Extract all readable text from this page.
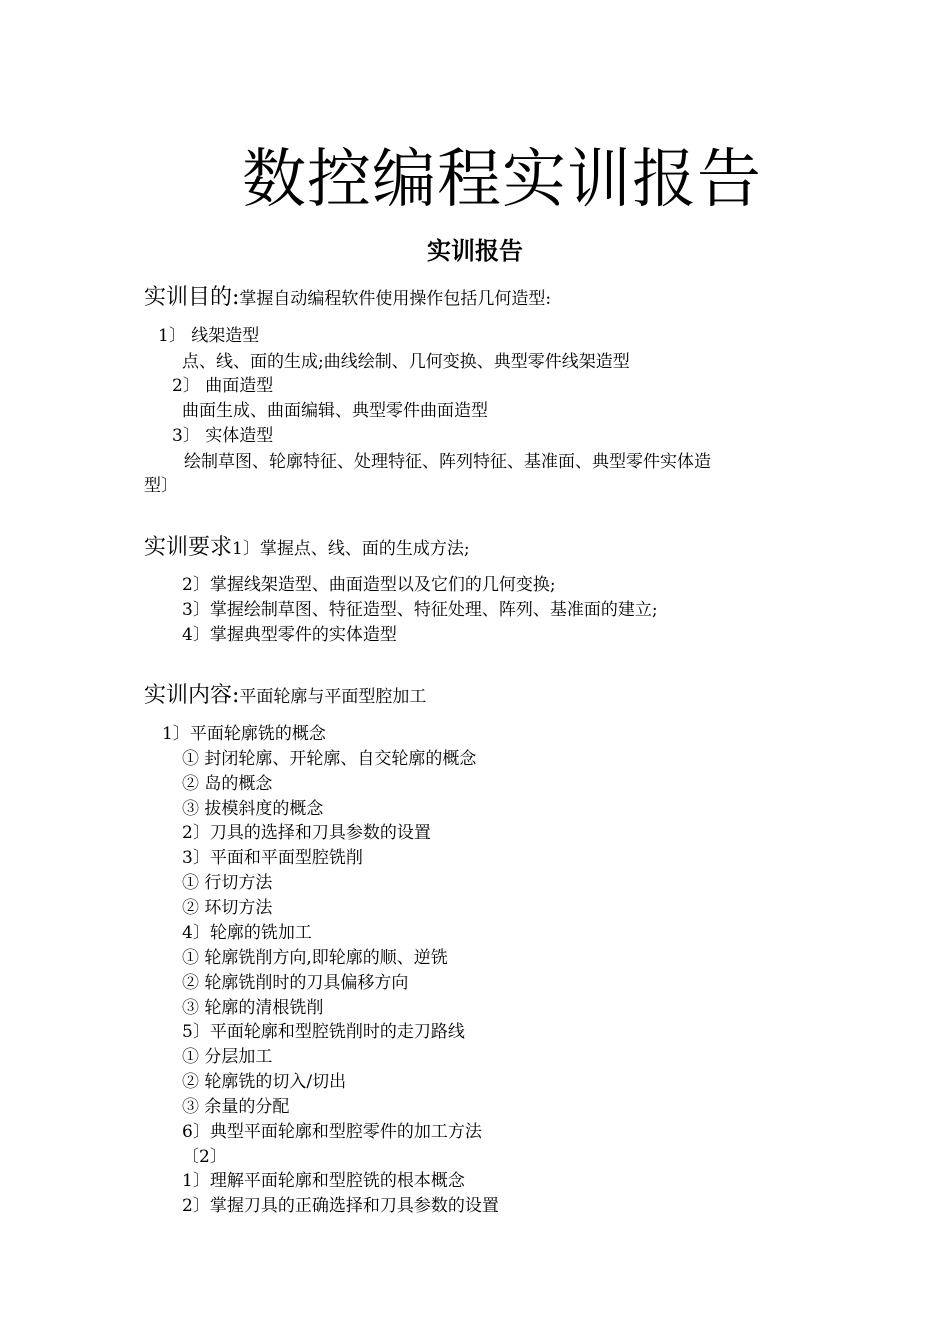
数控编程实训报告
实训报告
实训目的:掌握自动编程软件使用操作包括几何造型:
1〕 线架造型
点、线、面的生成;曲线绘制、几何变换、典型零件线架造型
2〕 曲面造型
曲面生成、曲面编辑、典型零件曲面造型
3〕 实体造型
绘制草图、轮廓特征、处理特征、阵列特征、基准面、典型零件实体造
型〕
实训要求1〕掌握点、线、面的生成方法;
2〕掌握线架造型、曲面造型以及它们的几何变换;
3〕掌握绘制草图、特征造型、特征处理、阵列、基准面的建立;
4〕掌握典型零件的实体造型
实训内容:平面轮廓与平面型腔加工
1〕平面轮廓铣的概念
① 封闭轮廓、开轮廓、自交轮廓的概念
② 岛的概念
③ 拔模斜度的概念
2〕刀具的选择和刀具参数的设置
3〕平面和平面型腔铣削
① 行切方法
② 环切方法
4〕轮廓的铣加工
① 轮廓铣削方向,即轮廓的顺、逆铣
② 轮廓铣削时的刀具偏移方向
③ 轮廓的清根铣削
5〕平面轮廓和型腔铣削时的走刀路线
① 分层加工
② 轮廓铣的切入/切出
③ 余量的分配
6〕典型平面轮廓和型腔零件的加工方法
〔2〕
1〕理解平面轮廓和型腔铣的根本概念
2〕掌握刀具的正确选择和刀具参数的设置
